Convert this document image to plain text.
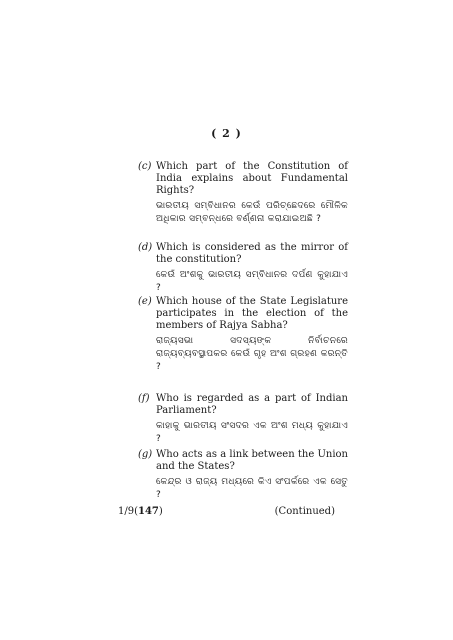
( 2 )
(c) Which part of the Constitution of India explains about Fundamental Rights?
ଭାରତୀୟ ସମ୍ବିଧାନର କେଉଁ ପରିଚ୍ଛେଦରେ ମୌଳିକ ଅଧିକାର ସମ୍ବନ୍ଧରେ ବର୍ଣ୍ଣନା କରାଯାଇଅଛି ?
(d) Which is considered as the mirror of the constitution?
କେଉଁ ଅଂଶକୁ ଭାରତୀୟ ସମ୍ବିଧାନର ଦର୍ପଣ କୁହାଯାଏ ?
(e) Which house of the State Legislature participates in the election of the members of Rajya Sabha?
ରାଜ୍ୟସଭା ସଦସ୍ୟଙ୍କ ନିର୍ବାଚନରେ ରାଜ୍ୟବ୍ୟବସ୍ଥାପକର କେଉଁ ଗୃହ ଅଂଶ ଗ୍ରହଣ କରନ୍ତି ?
(f) Who is regarded as a part of Indian Parliament?
କାହାକୁ ଭାରତୀୟ ସଂସଦର ଏକ ଅଂଶ ମଧ୍ୟ କୁହାଯାଏ ?
(g) Who acts as a link between the Union and the States?
କେନ୍ଦ୍ର ଓ ରାଜ୍ୟ ମଧ୍ୟରେ କିଏ ସଂପର୍କରେ ଏକ ସେତୁ ?
1/9(147)	(Continued)
